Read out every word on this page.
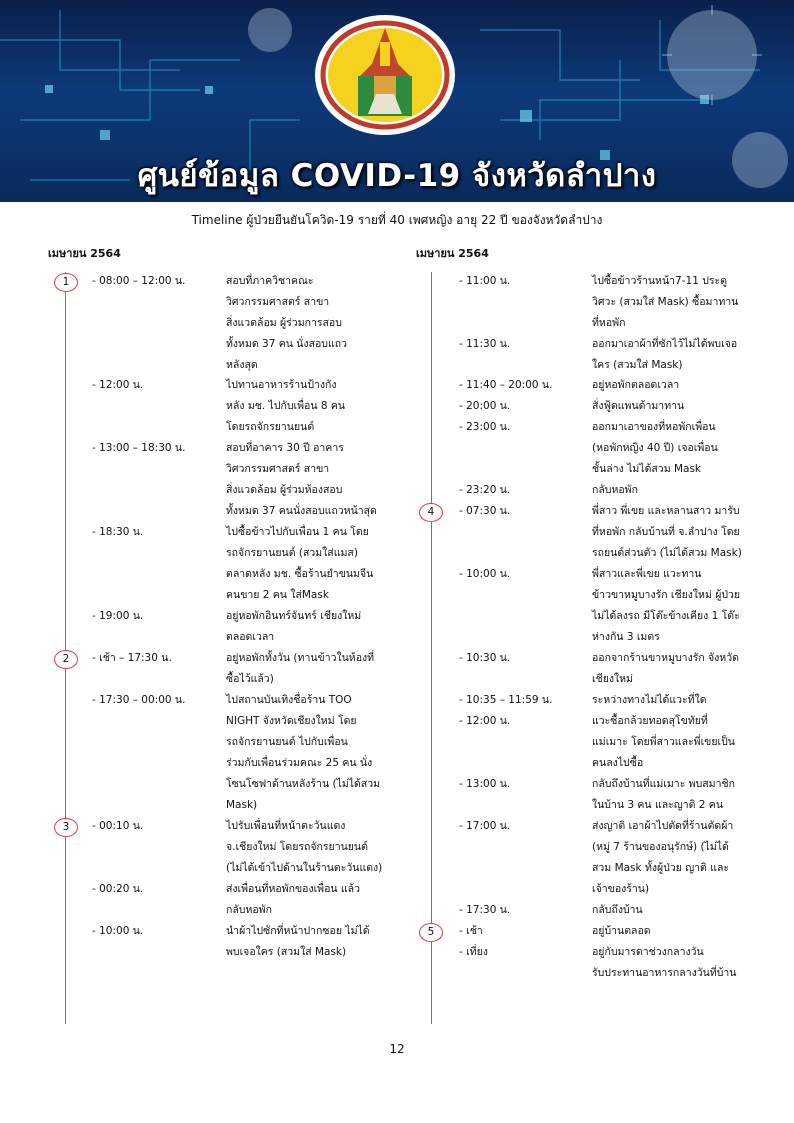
ศูนย์ข้อมูล COVID-19 จังหวัดลำปาง
Timeline ผู้ป่วยยืนยันโควิด-19 รายที่ 40 เพศหญิง อายุ 22 ปี ของจังหวัดลำปาง
เมษายน 2564
1	- 08:00 – 12:00 น.	สอบที่ภาควิชาคณะ
วิศวกรรมศาสตร์ สาขา
สิ่งแวดล้อม ผู้ร่วมการสอบ
ทั้งหมด 37 คน นั่งสอบแถว
หลังสุด
- 12:00 น.	ไปทานอาหารร้านป้างกัง
หลัง มช. ไปกับเพื่อน 8 คน
โดยรถจักรยานยนต์
- 13:00 – 18:30 น.	สอบที่อาคาร 30 ปี อาคาร
วิศวกรรมศาสตร์ สาขา
สิ่งแวดล้อม ผู้ร่วมห้องสอบ
ทั้งหมด 37 คนนั่งสอบแถวหน้าสุด
- 18:30 น.	ไปซื้อข้าวไปกับเพื่อน 1 คน โดย
รถจักรยานยนต์ (สวมใส่แมส)
ตลาดหลัง มช. ซื้อร้านยำขนมจีน
คนขาย 2 คน ใส่Mask
- 19:00 น.	อยู่หอพักอินทร์จันทร์ เชียงใหม่
ตลอดเวลา
2	- เช้า – 17:30 น.	อยู่หอพักทั้งวัน (ทานข้าวในห้องที่
ซื้อไว้แล้ว)
- 17:30 – 00:00 น.	ไปสถานบันเทิงชื่อร้าน TOO
NIGHT จังหวัดเชียงใหม่ โดย
รถจักรยานยนต์ ไปกับเพื่อน
ร่วมกับเพื่อนร่วมคณะ 25 คน นั่ง
โซนโซฟาด้านหลังร้าน (ไม่ได้สวม
Mask)
3	- 00:10 น.	ไปรับเพื่อนที่หน้าตะวันแดง
จ.เชียงใหม่ โดยรถจักรยานยนต์
(ไม่ได้เข้าไปด้านในร้านตะวันแดง)
- 00:20 น.	ส่งเพื่อนที่หอพักของเพื่อน แล้ว
กลับหอพัก
- 10:00 น.	นำผ้าไปซักที่หน้าปากซอย ไม่ได้
พบเจอใคร (สวมใส่ Mask)
เมษายน 2564
- 11:00 น.	ไปซื้อข้าวร้านหน้า7-11 ประตู
วิศวะ (สวมใส่ Mask) ซื้อมาทาน
ที่หอพัก
- 11:30 น.	ออกมาเอาผ้าที่ซักไว้ไม่ได้พบเจอ
ใคร (สวมใส่ Mask)
- 11:40 – 20:00 น.	อยู่หอพักตลอดเวลา
- 20:00 น.	สั่งฟู้ดแพนด้ามาทาน
- 23:00 น.	ออกมาเอาของที่หอพักเพื่อน
(หอพักหญิง 40 ปี) เจอเพื่อน
ชั้นล่าง ไม่ได้สวม Mask
- 23:20 น.	กลับหอพัก
4	- 07:30 น.	พี่สาว พี่เขย และหลานสาว มารับ
ที่หอพัก กลับบ้านที่ จ.ลำปาง โดย
รถยนต์ส่วนตัว (ไม่ได้สวม Mask)
- 10:00 น.	พี่สาวและพี่เขย แวะทาน
ข้าวขาหมูบางรัก เชียงใหม่ ผู้ป่วย
ไม่ได้ลงรถ มีโต๊ะข้างเคียง 1 โต๊ะ
ห่างกัน 3 เมตร
- 10:30 น.	ออกจากร้านขาหมูบางรัก จังหวัด
เชียงใหม่
- 10:35 – 11:59 น.	ระหว่างทางไม่ได้แวะที่ใด
- 12:00 น.	แวะซื้อกล้วยทอดสุโขทัยที่
แม่เมาะ โดยพี่สาวและพี่เขยเป็น
คนลงไปซื้อ
- 13:00 น.	กลับถึงบ้านที่แม่เมาะ พบสมาชิก
ในบ้าน 3 คน และญาติ 2 คน
- 17:00 น.	ส่งญาติ เอาผ้าไปตัดที่ร้านตัดผ้า
(หมู่ 7 ร้านของอนุรักษ์) (ไม่ได้
สวม Mask ทั้งผู้ป่วย ญาติ และ
เจ้าของร้าน)
- 17:30 น.	กลับถึงบ้าน
5	- เช้า	อยู่บ้านตลอด
- เที่ยง	อยู่กับมารดาช่วงกลางวัน
รับประทานอาหารกลางวันที่บ้าน
12
